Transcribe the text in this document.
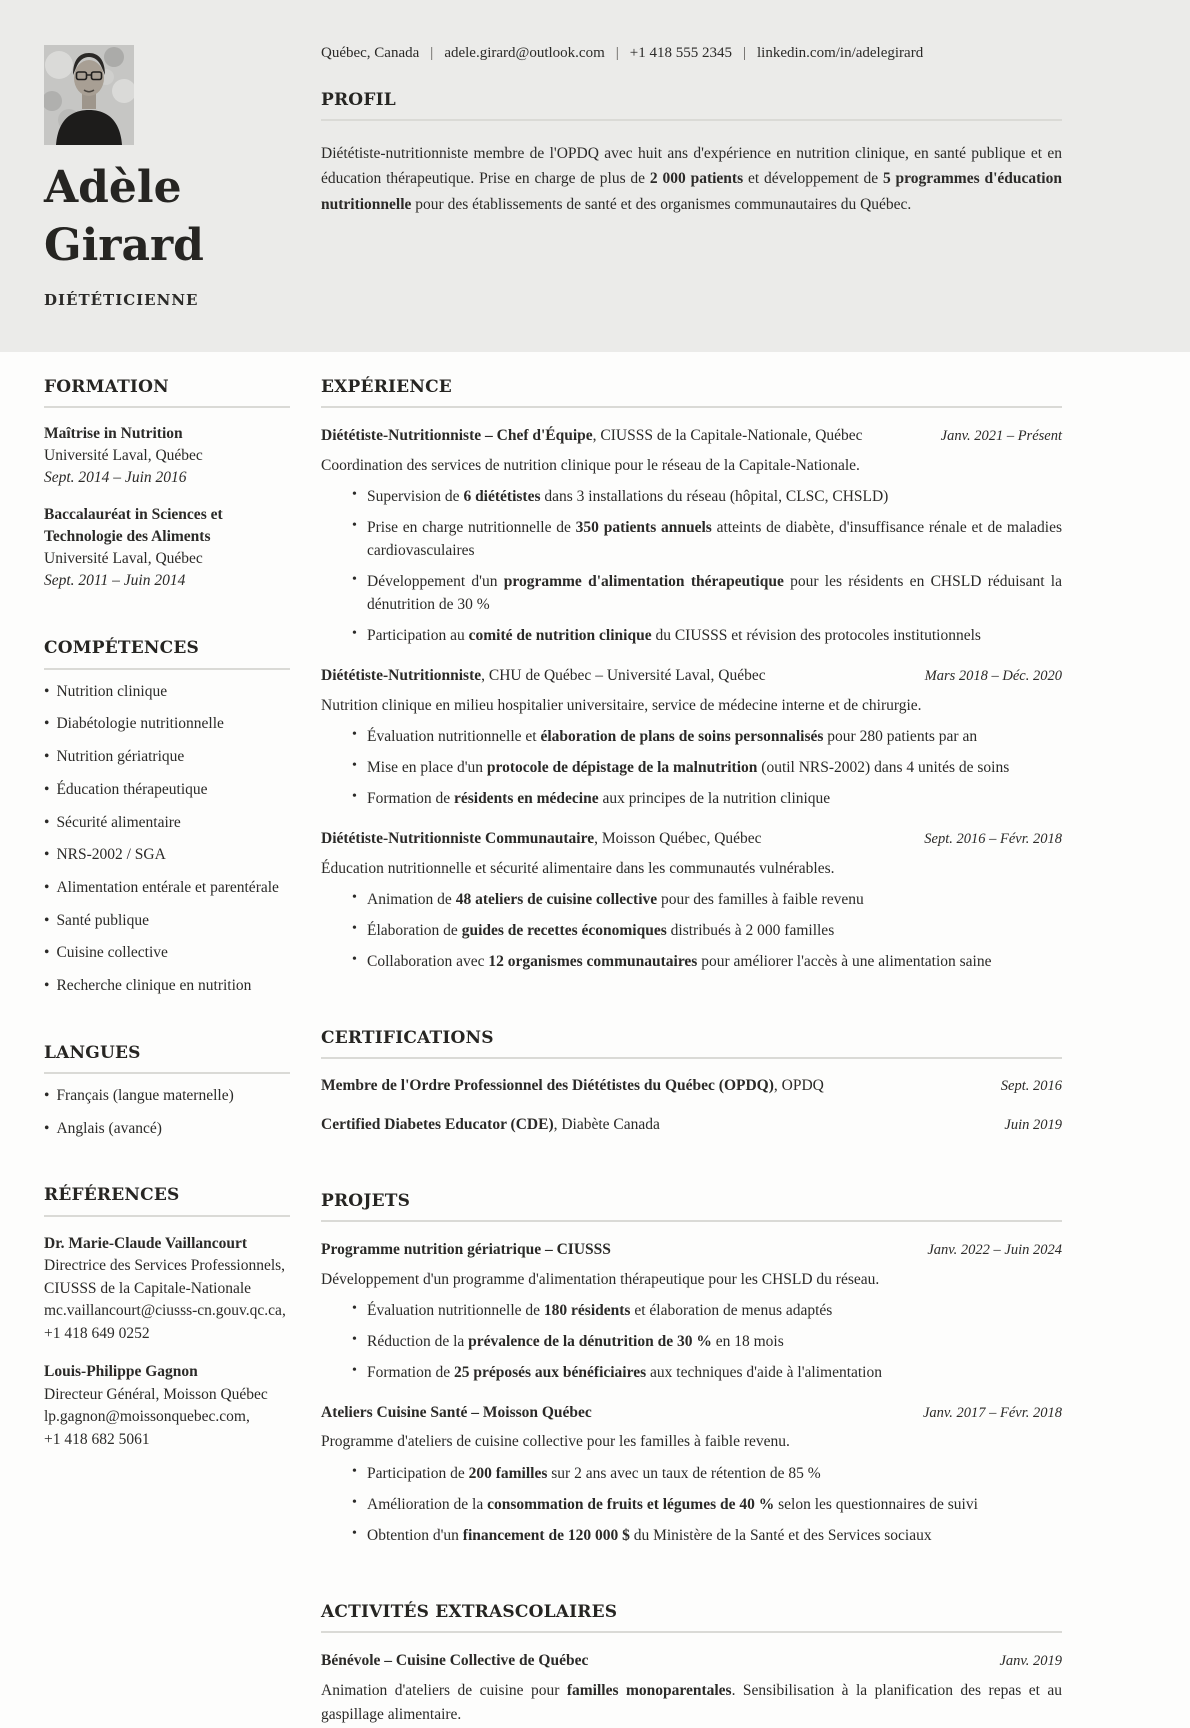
Adèle Girard
DIÉTÉTICIENNE
Québec, Canada | adele.girard@outlook.com | +1 418 555 2345 | linkedin.com/in/adelegirard
PROFIL

Diététiste-nutritionniste membre de l'OPDQ avec huit ans d'expérience en nutrition clinique, en santé publique et en éducation thérapeutique. Prise en charge de plus de 2 000 patients et développement de 5 programmes d'éducation nutritionnelle pour des établissements de santé et des organismes communautaires du Québec.

FORMATION
Maîtrise in Nutrition
Université Laval, Québec
Sept. 2014 – Juin 2016
Baccalauréat in Sciences et Technologie des Aliments
Université Laval, Québec
Sept. 2011 – Juin 2014
COMPÉTENCES
• Nutrition clinique
• Diabétologie nutritionnelle
• Nutrition gériatrique
• Éducation thérapeutique
• Sécurité alimentaire
• NRS-2002 / SGA
• Alimentation entérale et parentérale
• Santé publique
• Cuisine collective
• Recherche clinique en nutrition
LANGUES
• Français (langue maternelle)
• Anglais (avancé)
RÉFÉRENCES
Dr. Marie-Claude Vaillancourt
Directrice des Services Professionnels, CIUSSS de la Capitale-Nationale
mc.vaillancourt@ciusss-cn.gouv.qc.ca,
+1 418 649 0252
Louis-Philippe Gagnon
Directeur Général, Moisson Québec
lp.gagnon@moissonquebec.com,
+1 418 682 5061
EXPÉRIENCE
Diététiste-Nutritionniste – Chef d'Équipe, CIUSSS de la Capitale-Nationale, Québec	Janv. 2021 – Présent
Coordination des services de nutrition clinique pour le réseau de la Capitale-Nationale.
• Supervision de 6 diététistes dans 3 installations du réseau (hôpital, CLSC, CHSLD)
• Prise en charge nutritionnelle de 350 patients annuels atteints de diabète, d'insuffisance rénale et de maladies cardiovasculaires
• Développement d'un programme d'alimentation thérapeutique pour les résidents en CHSLD réduisant la dénutrition de 30 %
• Participation au comité de nutrition clinique du CIUSSS et révision des protocoles institutionnels
Diététiste-Nutritionniste, CHU de Québec – Université Laval, Québec	Mars 2018 – Déc. 2020
Nutrition clinique en milieu hospitalier universitaire, service de médecine interne et de chirurgie.
• Évaluation nutritionnelle et élaboration de plans de soins personnalisés pour 280 patients par an
• Mise en place d'un protocole de dépistage de la malnutrition (outil NRS-2002) dans 4 unités de soins
• Formation de résidents en médecine aux principes de la nutrition clinique
Diététiste-Nutritionniste Communautaire, Moisson Québec, Québec	Sept. 2016 – Févr. 2018
Éducation nutritionnelle et sécurité alimentaire dans les communautés vulnérables.
• Animation de 48 ateliers de cuisine collective pour des familles à faible revenu
• Élaboration de guides de recettes économiques distribués à 2 000 familles
• Collaboration avec 12 organismes communautaires pour améliorer l'accès à une alimentation saine
CERTIFICATIONS
Membre de l'Ordre Professionnel des Diététistes du Québec (OPDQ), OPDQ	Sept. 2016
Certified Diabetes Educator (CDE), Diabète Canada	Juin 2019
PROJETS
Programme nutrition gériatrique – CIUSSS	Janv. 2022 – Juin 2024
Développement d'un programme d'alimentation thérapeutique pour les CHSLD du réseau.
• Évaluation nutritionnelle de 180 résidents et élaboration de menus adaptés
• Réduction de la prévalence de la dénutrition de 30 % en 18 mois
• Formation de 25 préposés aux bénéficiaires aux techniques d'aide à l'alimentation
Ateliers Cuisine Santé – Moisson Québec	Janv. 2017 – Févr. 2018
Programme d'ateliers de cuisine collective pour les familles à faible revenu.
• Participation de 200 familles sur 2 ans avec un taux de rétention de 85 %
• Amélioration de la consommation de fruits et légumes de 40 % selon les questionnaires de suivi
• Obtention d'un financement de 120 000 $ du Ministère de la Santé et des Services sociaux
ACTIVITÉS EXTRASCOLAIRES
Bénévole – Cuisine Collective de Québec	Janv. 2019
Animation d'ateliers de cuisine pour familles monoparentales. Sensibilisation à la planification des repas et au gaspillage alimentaire.
